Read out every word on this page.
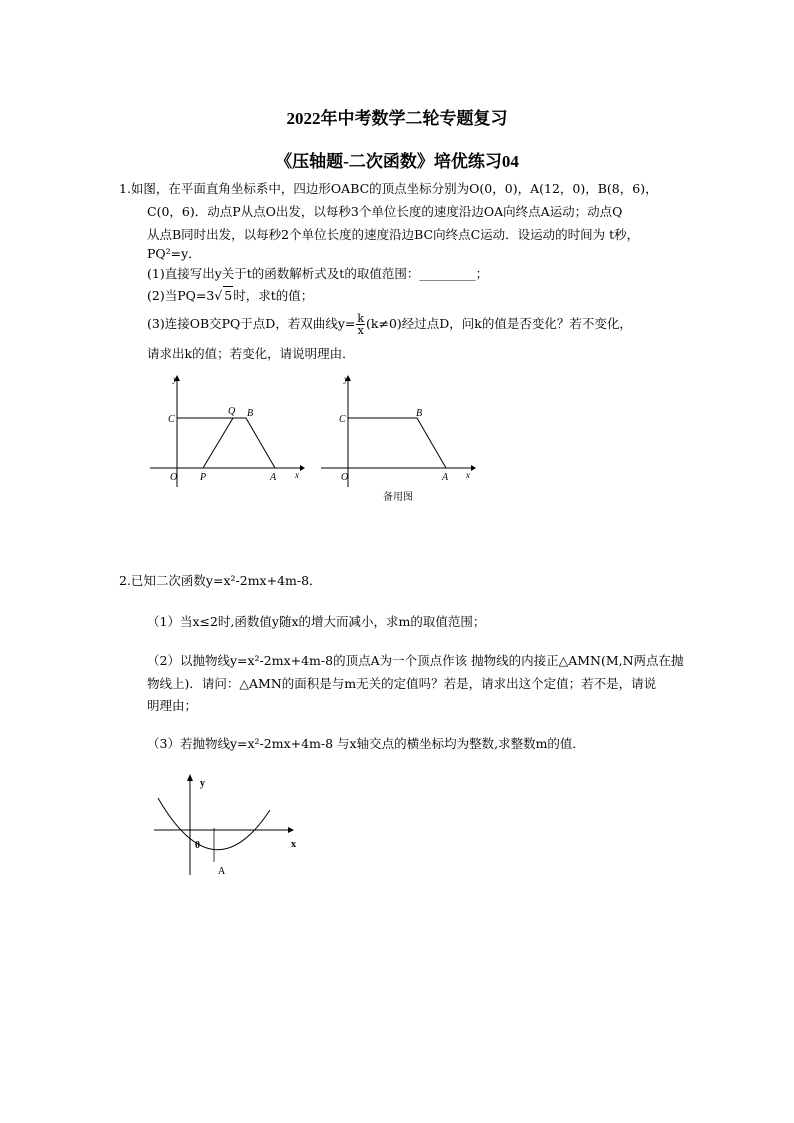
2022年中考数学二轮专题复习
《压轴题-二次函数》培优练习04
1.如图，在平面直角坐标系中，四边形OABC的顶点坐标分别为O(0，0)，A(12，0)，B(8，6)，
C(0，6)．动点P从点O出发，以每秒3个单位长度的速度沿边OA向终点A运动；动点Q
从点B同时出发，以每秒2个单位长度的速度沿边BC向终点C运动．设运动的时间为 t秒，
PQ²=y．
(1)直接写出y关于t的函数解析式及t的取值范围：_________；
(2)当PQ=3√ 5时，求t的值；
(3)连接OB交PQ于点D，若双曲线$y= \frac{k}{x} (k\ne 0)$经过点D，问k的值是否变化？若不变化，
请求出k的值；若变化，请说明理由．
y
C
Q B
O P	A x
y
C
B
O	A x
备用图
2.已知二次函数y=x²-2mx+4m-8．
（1）当x≤2时,函数值y随x的增大而减小，求m的取值范围；
（2）以抛物线y=x²-2mx+4m-8的顶点A为一个顶点作该 抛物线的内接正△AMN(M,N两点在抛
物线上)．请问：△AMN的面积是与m无关的定值吗？若是，请求出这个定值；若不是，请说
明理由；
（3）若抛物线y=x²-2mx+4m-8 与x轴交点的横坐标均为整数,求整数m的值．
y
0	x
A
